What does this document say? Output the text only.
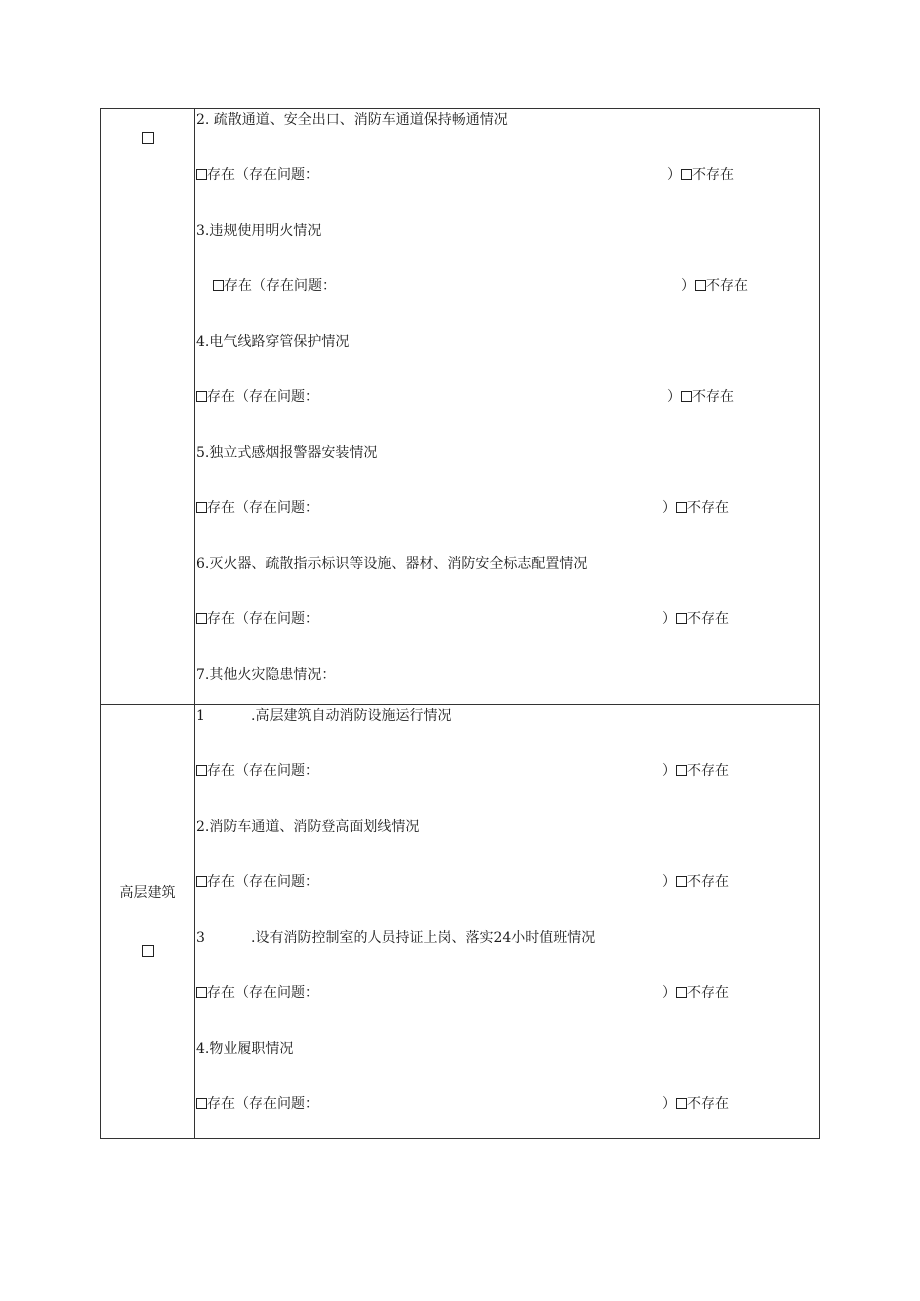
2. 疏散通道、安全出口、消防车通道保持畅通情况
存在（存在问题：	） 不存在
3.违规使用明火情况
存在（存在问题：	） 不存在
4.电气线路穿管保护情况
存在（存在问题：	） 不存在
5.独立式感烟报警器安装情况
存在（存在问题：	） 不存在
6.灭火器、疏散指示标识等设施、器材、消防安全标志配置情况
存在（存在问题：	） 不存在
7.其他火灾隐患情况：
高层建筑
1	.高层建筑自动消防设施运行情况
存在（存在问题：	） 不存在
2.消防车通道、消防登高面划线情况
存在（存在问题：	） 不存在
3	.设有消防控制室的人员持证上岗、落实24小时值班情况
存在（存在问题：	） 不存在
4.物业履职情况
存在（存在问题：	） 不存在
